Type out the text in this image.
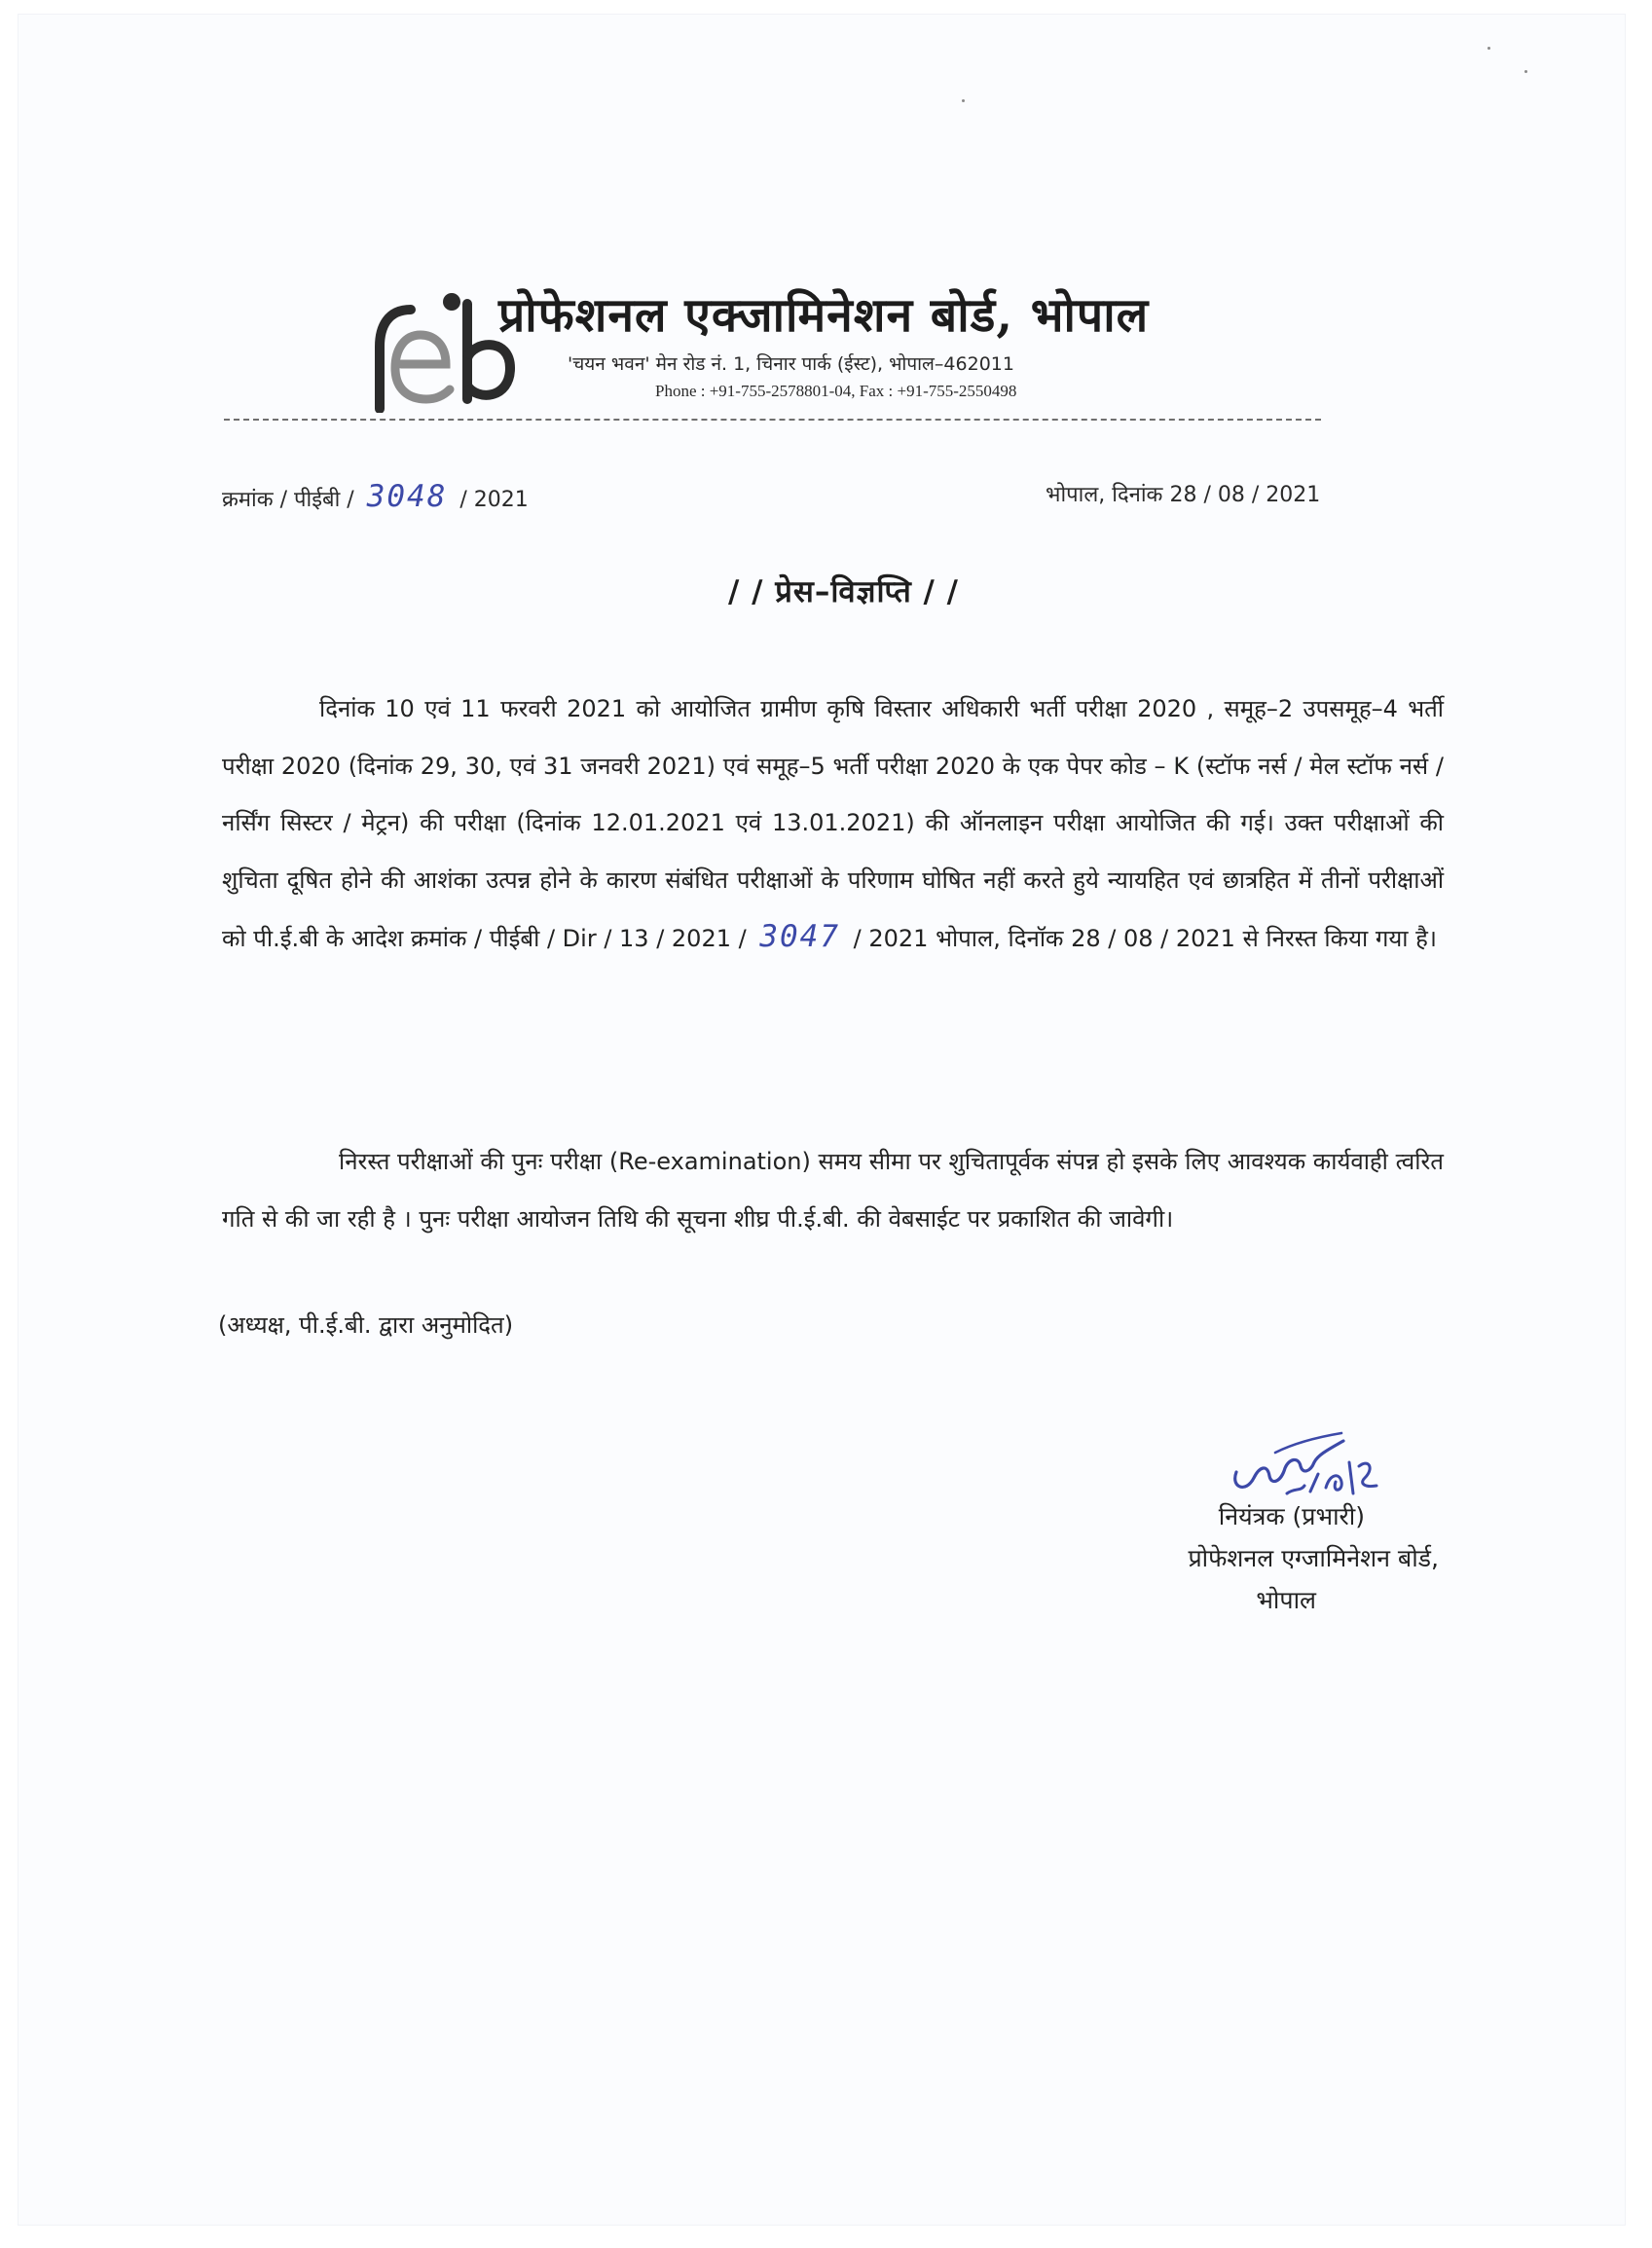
प्रोफेशनल एक्जामिनेशन बोर्ड, भोपाल
'चयन भवन' मेन रोड नं. 1, चिनार पार्क (ईस्ट), भोपाल–462011
Phone : +91-755-2578801-04, Fax : +91-755-2550498
क्रमांक / पीईबी / 3048 / 2021	भोपाल, दिनांक 28 / 08 / 2021
/ / प्रेस–विज्ञप्ति / /
दिनांक 10 एवं 11 फरवरी 2021 को आयोजित ग्रामीण कृषि विस्तार अधिकारी भर्ती परीक्षा 2020 , समूह–2 उपसमूह–4 भर्ती परीक्षा 2020 (दिनांक 29, 30, एवं 31 जनवरी 2021) एवं समूह–5 भर्ती परीक्षा 2020 के एक पेपर कोड – K (स्टॉफ नर्स / मेल स्टॉफ नर्स / नर्सिंग सिस्टर / मेट्रन) की परीक्षा (दिनांक 12.01.2021 एवं 13.01.2021) की ऑनलाइन परीक्षा आयोजित की गई। उक्त परीक्षाओं की शुचिता दूषित होने की आशंका उत्पन्न होने के कारण संबंधित परीक्षाओं के परिणाम घोषित नहीं करते हुये न्यायहित एवं छात्रहित में तीनों परीक्षाओं को पी.ई.बी के आदेश क्रमांक / पीईबी / Dir / 13 / 2021 / 3047 / 2021 भोपाल, दिनॉक 28 / 08 / 2021 से निरस्त किया गया है।
निरस्त परीक्षाओं की पुनः परीक्षा (Re-examination) समय सीमा पर शुचितापूर्वक संपन्न हो इसके लिए आवश्यक कार्यवाही त्वरित गति से की जा रही है । पुनः परीक्षा आयोजन तिथि की सूचना शीघ्र पी.ई.बी. की वेबसाईट पर प्रकाशित की जावेगी।
(अध्यक्ष, पी.ई.बी. द्वारा अनुमोदित)
नियंत्रक (प्रभारी)
प्रोफेशनल एग्जामिनेशन बोर्ड,
भोपाल
